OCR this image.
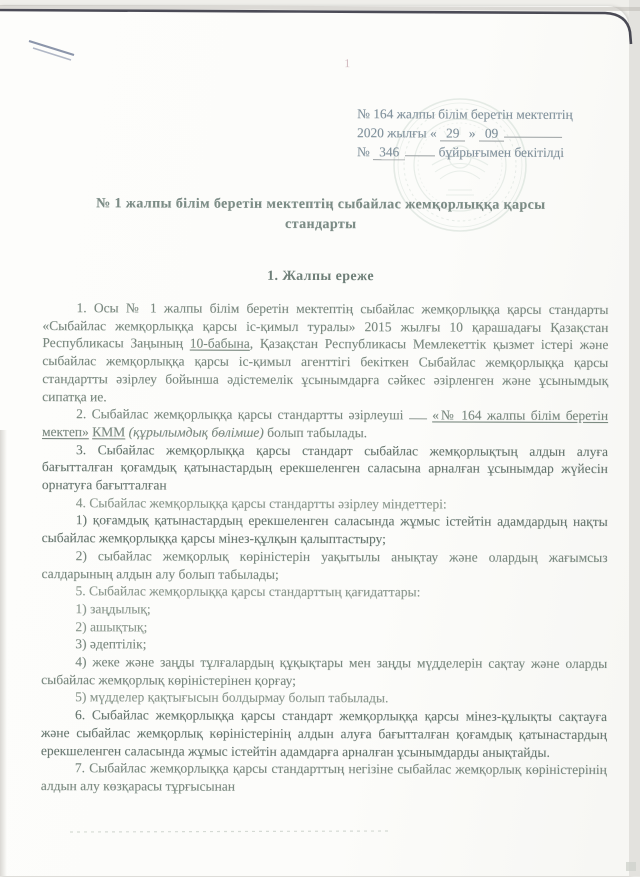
1
№ 164 жалпы білім беретін мектептің
2020 жылғы « 29 » 09
№ 346	бұйрығымен бекітілді
№ 1 жалпы білім беретін мектептің сыбайлас жемқорлыққа қарсы стандарты
1. Жалпы ереже

1. Осы № 1 жалпы білім беретін мектептің сыбайлас жемқорлыққа қарсы стандарты «Сыбайлас жемқорлыққа қарсы іс-қимыл туралы» 2015 жылғы 10 қарашадағы Қазақстан Республикасы Заңының 10-бабына, Қазақстан Республикасы Мемлекеттік қызмет істері және сыбайлас жемқорлыққа қарсы іс-қимыл агенттігі бекіткен Сыбайлас жемқорлыққа қарсы стандартты әзірлеу бойынша әдістемелік ұсынымдарға сәйкес әзірленген және ұсынымдық сипатқа ие.

2. Сыбайлас жемқорлыққа қарсы стандартты әзірлеуші  «№ 164 жалпы білім беретін мектеп» КММ (құрылымдық бөлімше) болып табылады.

3. Сыбайлас жемқорлыққа қарсы стандарт сыбайлас жемқорлықтың алдын алуға бағытталған қоғамдық қатынастардың ерекшеленген саласына арналған ұсынымдар жүйесін орнатуға бағытталған

4. Сыбайлас жемқорлыққа қарсы стандартты әзірлеу міндеттері:

1) қоғамдық қатынастардың ерекшеленген саласында жұмыс істейтін адамдардың нақты сыбайлас жемқорлыққа қарсы мінез-құлқын қалыптастыру;

2) сыбайлас жемқорлық көріністерін уақытылы анықтау және олардың жағымсыз салдарының алдын алу болып табылады;

5. Сыбайлас жемқорлыққа қарсы стандарттың қағидаттары:

1) заңдылық;

2) ашықтық;

3) әдептілік;

4) жеке және заңды тұлғалардың құқықтары мен заңды мүдделерін сақтау және оларды сыбайлас жемқорлық көріністерінен қорғау;

5) мүдделер қақтығысын болдырмау болып табылады.

6. Сыбайлас жемқорлыққа қарсы стандарт жемқорлыққа қарсы мінез-құлықты сақтауға және сыбайлас жемқорлық көріністерінің алдын алуға бағытталған қоғамдық қатынастардың ерекшеленген саласында жұмыс істейтін адамдарға арналған ұсынымдарды анықтайды.

7. Сыбайлас жемқорлыққа қарсы стандарттың негізіне сыбайлас жемқорлық көріністерінің алдын алу көзқарасы тұрғысынан
